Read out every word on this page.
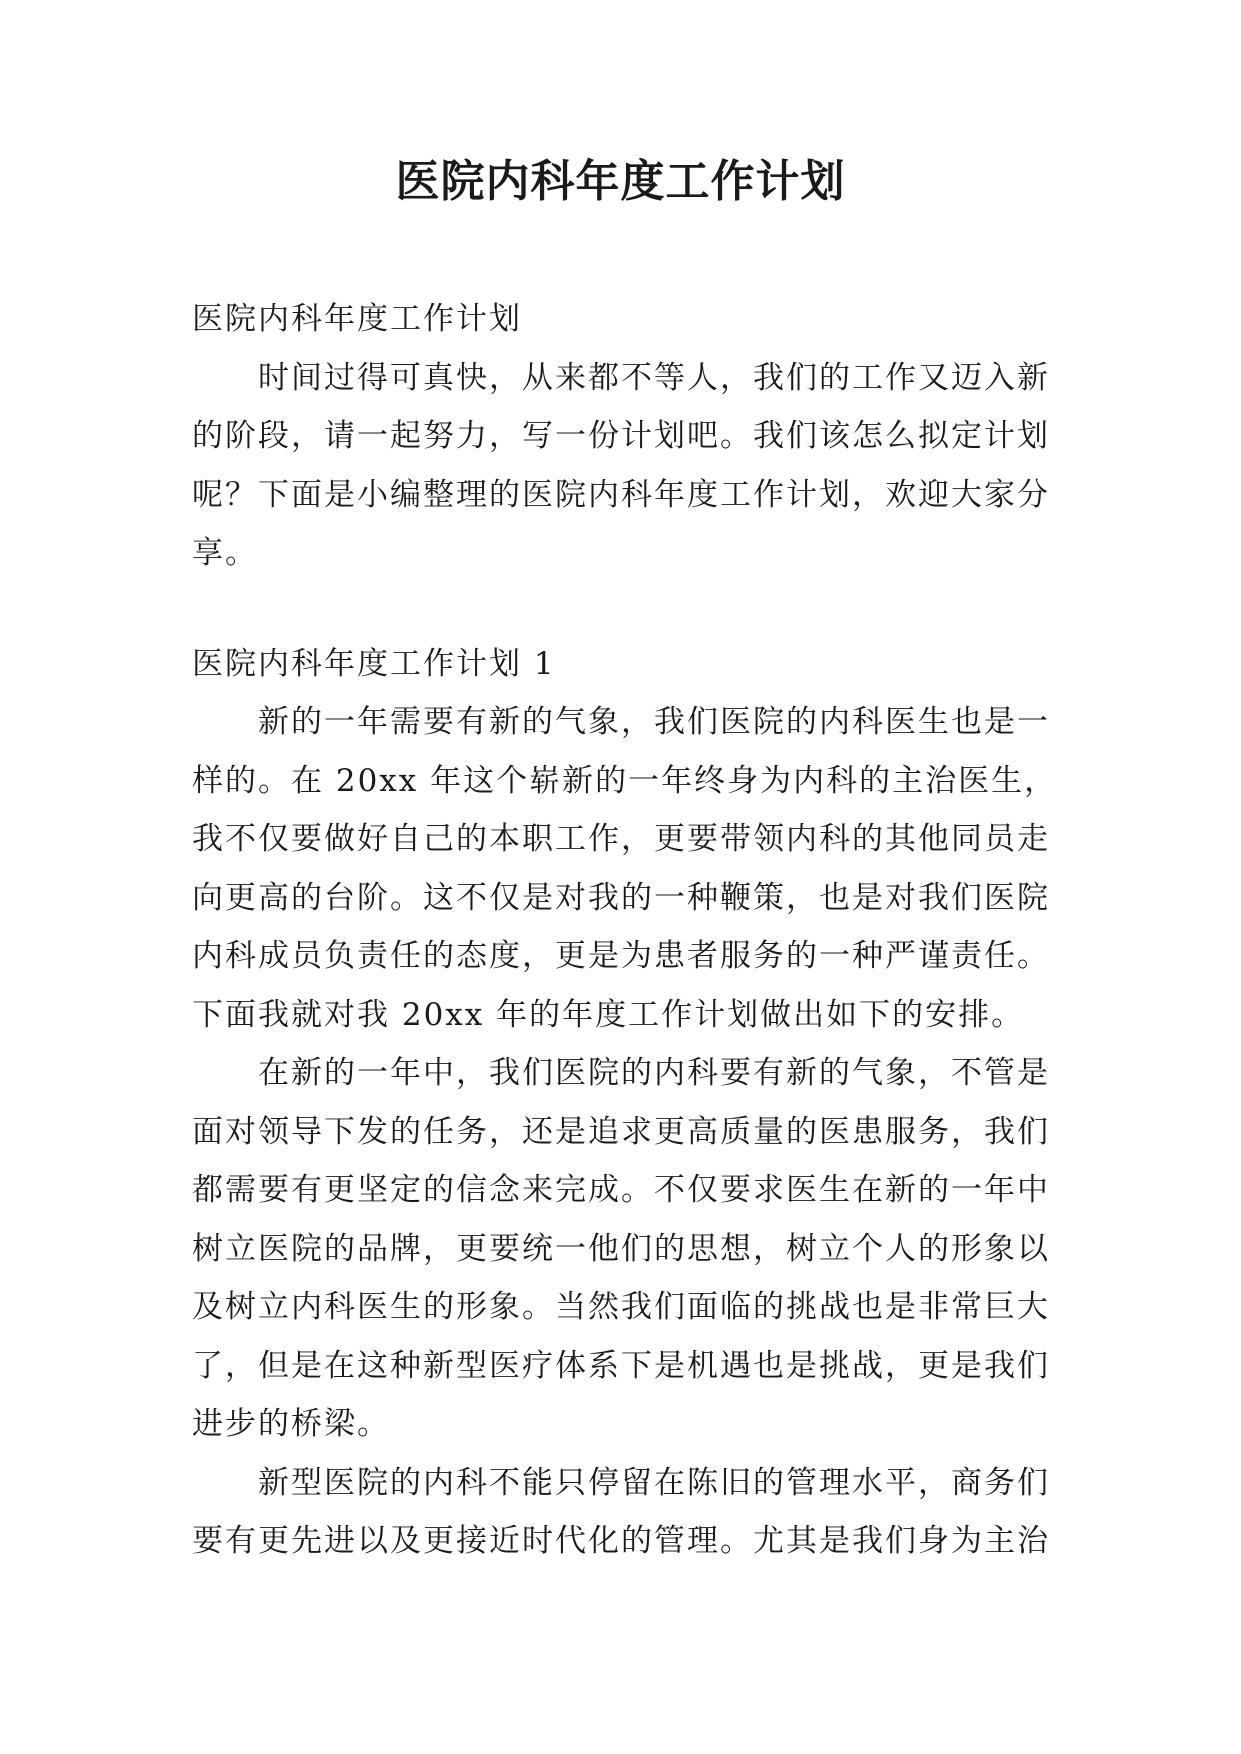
医院内科年度工作计划
医院内科年度工作计划
时间过得可真快，从来都不等人，我们的工作又迈入新
的阶段，请一起努力，写一份计划吧。我们该怎么拟定计划
呢？下面是小编整理的医院内科年度工作计划，欢迎大家分
享。
医院内科年度工作计划 1
新的一年需要有新的气象，我们医院的内科医生也是一
样的。在 20xx 年这个崭新的一年终身为内科的主治医生，
我不仅要做好自己的本职工作，更要带领内科的其他同员走
向更高的台阶。这不仅是对我的一种鞭策，也是对我们医院
内科成员负责任的态度，更是为患者服务的一种严谨责任。
下面我就对我 20xx 年的年度工作计划做出如下的安排。
在新的一年中，我们医院的内科要有新的气象，不管是
面对领导下发的任务，还是追求更高质量的医患服务，我们
都需要有更坚定的信念来完成。不仅要求医生在新的一年中
树立医院的品牌，更要统一他们的思想，树立个人的形象以
及树立内科医生的形象。当然我们面临的挑战也是非常巨大
了，但是在这种新型医疗体系下是机遇也是挑战，更是我们
进步的桥梁。
新型医院的内科不能只停留在陈旧的管理水平，商务们
要有更先进以及更接近时代化的管理。尤其是我们身为主治
